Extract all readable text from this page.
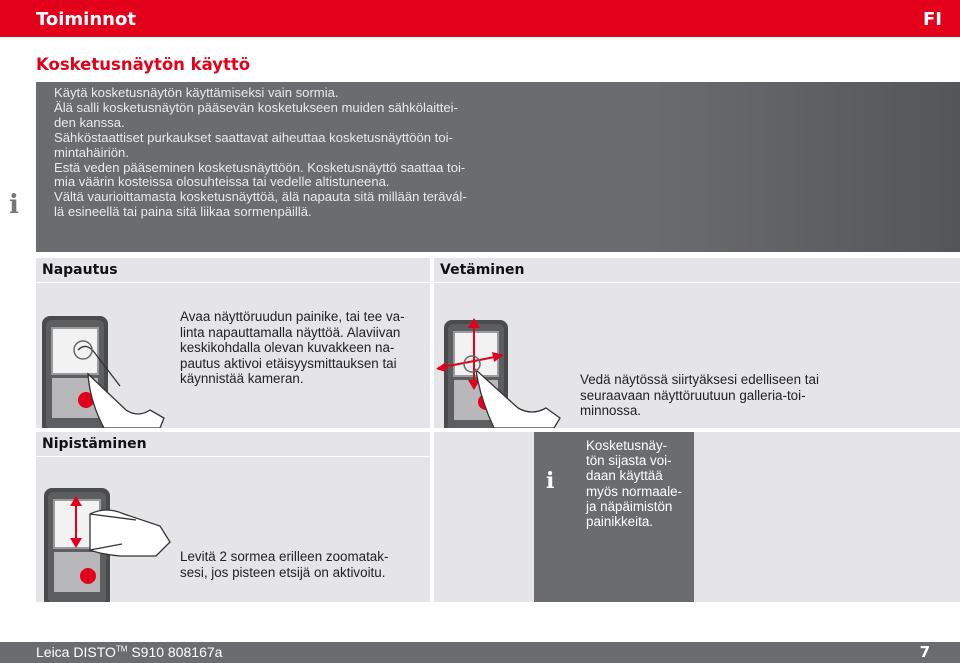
Toiminnot	FI
Kosketusnäytön käyttö
i
Käytä kosketusnäytön käyttämiseksi vain sormia.
Älä salli kosketusnäytön pääsevän kosketukseen muiden sähkölaittei-
den kanssa.
Sähköstaattiset purkaukset saattavat aiheuttaa kosketusnäyttöön toi-
mintahäiriön.
Estä veden pääseminen kosketusnäyttöön. Kosketusnäyttö saattaa toi-
mia väärin kosteissa olosuhteissa tai vedelle altistuneena.
Vältä vaurioittamasta kosketusnäyttöä, älä napauta sitä millään terävál-
lä esineellä tai paina sitä liikaa sormenpäillä.
Napautus
Avaa näyttöruudun painike, tai tee va-
linta napauttamalla näyttöä. Alaviivan
keskikohdalla olevan kuvakkeen na-
pautus aktivoi etäisyysmittauksen tai
käynnistää kameran.
Vetäminen
Vedä näytössä siirtyäksesi edelliseen tai
seuraavaan näyttöruutuun galleria-toi-
minnossa.
Nipistäminen
Levitä 2 sormea erilleen zoomatak-
sesi, jos pisteen etsijä on aktivoitu.
i
Kosketusnäy-
tön sijasta voi-
daan käyttää
myös normaale-
ja näpäimistön
painikkeita.
Leica DISTO™ S910 808167a	7
